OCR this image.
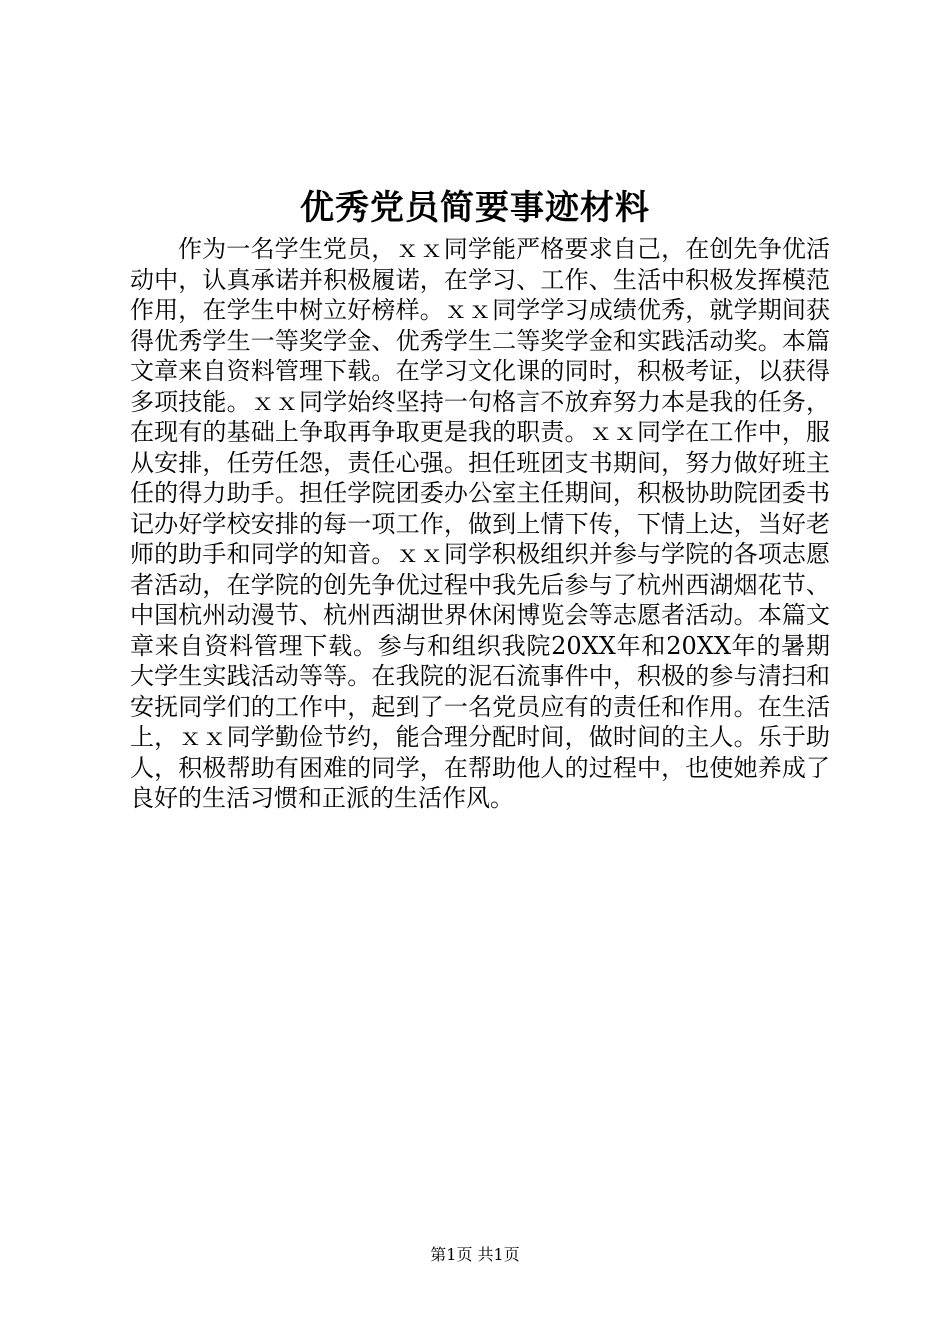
优秀党员简要事迹材料

作为一名学生党员，ｘｘ同学能严格要求自己，在创先争优活动中，认真承诺并积极履诺，在学习、工作、生活中积极发挥模范作用，在学生中树立好榜样。ｘｘ同学学习成绩优秀，就学期间获得优秀学生一等奖学金、优秀学生二等奖学金和实践活动奖。本篇文章来自资料管理下载。在学习文化课的同时，积极考证，以获得多项技能。ｘｘ同学始终坚持一句格言不放弃努力本是我的任务，在现有的基础上争取再争取更是我的职责。ｘｘ同学在工作中，服从安排，任劳任怨，责任心强。担任班团支书期间，努力做好班主任的得力助手。担任学院团委办公室主任期间，积极协助院团委书记办好学校安排的每一项工作，做到上情下传，下情上达，当好老师的助手和同学的知音。ｘｘ同学积极组织并参与学院的各项志愿者活动，在学院的创先争优过程中我先后参与了杭州西湖烟花节、中国杭州动漫节、杭州西湖世界休闲博览会等志愿者活动。本篇文章来自资料管理下载。参与和组织我院20XX年和20XX年的暑期大学生实践活动等等。在我院的泥石流事件中，积极的参与清扫和安抚同学们的工作中，起到了一名党员应有的责任和作用。在生活上，ｘｘ同学勤俭节约，能合理分配时间，做时间的主人。乐于助人，积极帮助有困难的同学，在帮助他人的过程中，也使她养成了良好的生活习惯和正派的生活作风。

第1页 共1页
